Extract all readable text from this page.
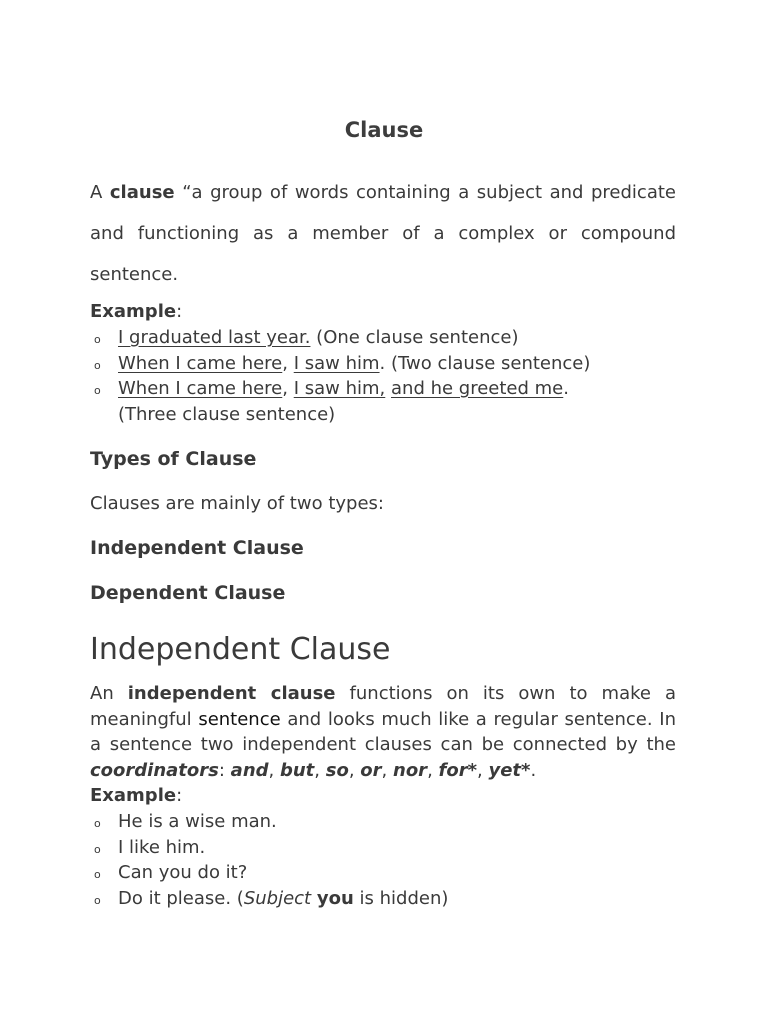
Clause
A clause “a group of words containing a subject and predicate and functioning as a member of a complex or compound sentence.
Example:
o I graduated last year. (One clause sentence)
o When I came here, I saw him. (Two clause sentence)
o When I came here, I saw him, and he greeted me.
(Three clause sentence)
Types of Clause
Clauses are mainly of two types:
Independent Clause
Dependent Clause
Independent Clause
An independent clause functions on its own to make a meaningful sentence and looks much like a regular sentence. In a sentence two independent clauses can be connected by the coordinators: and, but, so, or, nor, for*, yet*.
Example:
o He is a wise man.
o I like him.
o Can you do it?
o Do it please. (Subject you is hidden)
